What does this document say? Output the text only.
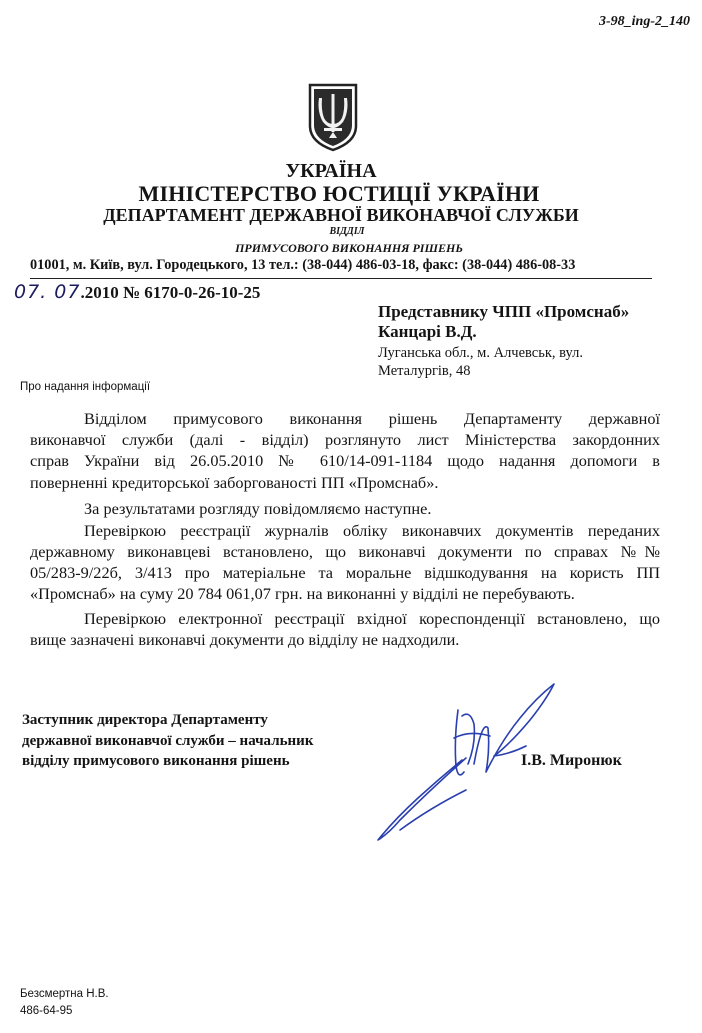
3-98_ing-2_140
УКРАЇНА
МІНІСТЕРСТВО ЮСТИЦІЇ УКРАЇНИ
ДЕПАРТАМЕНТ ДЕРЖАВНОЇ ВИКОНАВЧОЇ СЛУЖБИ
ВІДДІЛ
ПРИМУСОВОГО ВИКОНАННЯ РІШЕНЬ
01001, м. Київ, вул. Городецького, 13 тел.: (38-044) 486-03-18, факс: (38-044) 486-08-33
07. 07.2010 № 6170-0-26-10-25
Представнику ЧПП «Промснаб»
Канцарі В.Д.
Луганська обл., м. Алчевськ, вул.
Металургів, 48
Про надання інформації
Відділом примусового виконання рішень Департаменту державної
виконавчої служби (далі - відділ) розглянуто лист Міністерства закордонних
справ України від 26.05.2010 № 610/14-091-1184 щодо надання допомоги в
поверненні кредиторської заборгованості ПП «Промснаб».
За результатами розгляду повідомляємо наступне.
Перевіркою реєстрації журналів обліку виконавчих документів переданих
державному виконавцеві встановлено, що виконавчі документи по справах №№
05/283-9/22б, 3/413 про матеріальне та моральне відшкодування на користь ПП
«Промснаб» на суму 20 784 061,07 грн. на виконанні у відділі не перебувають.
Перевіркою електронної реєстрації вхідної кореспонденції встановлено, що
вище зазначені виконавчі документи до відділу не надходили.
Заступник директора Департаменту
державної виконавчої служби – начальник
відділу примусового виконання рішень	І.В. Миронюк
Безсмертна Н.В.
486-64-95
